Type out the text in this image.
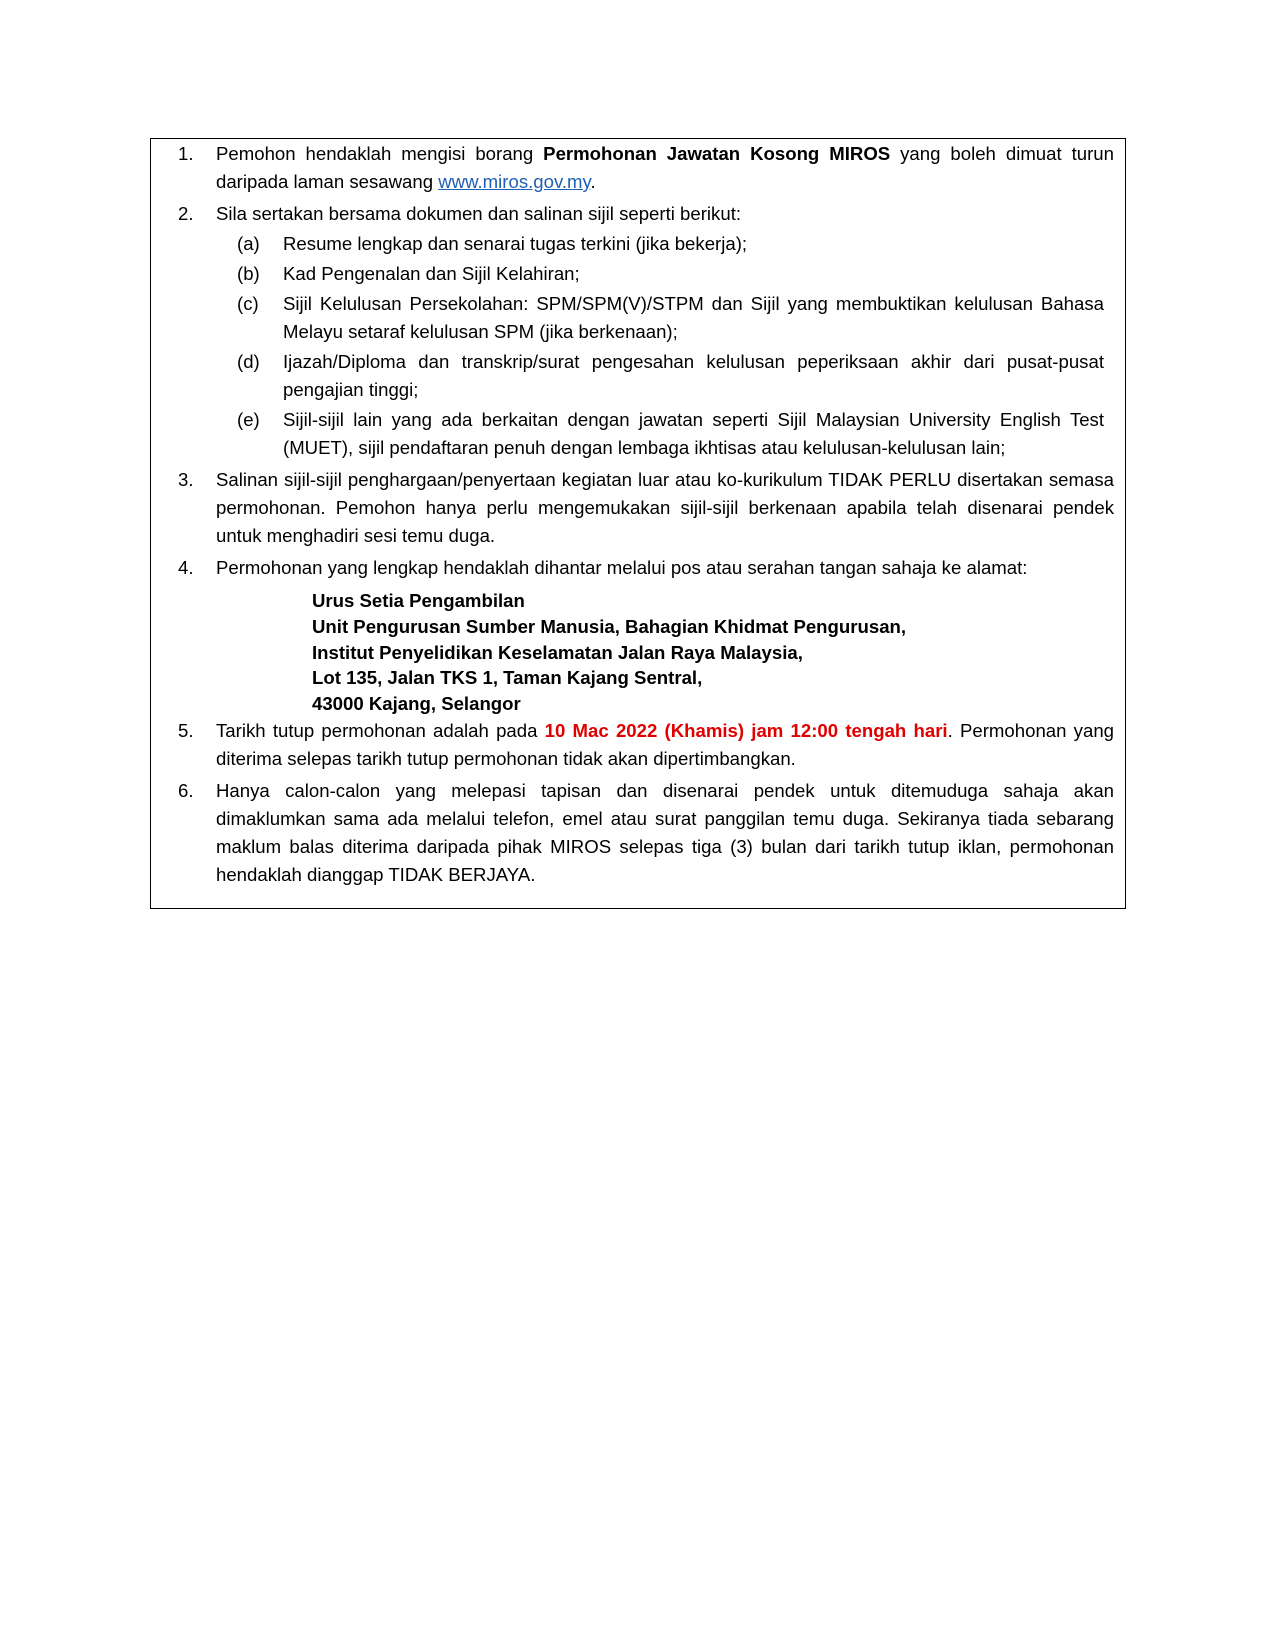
1. Pemohon hendaklah mengisi borang Permohonan Jawatan Kosong MIROS yang boleh dimuat turun daripada laman sesawang www.miros.gov.my.
2. Sila sertakan bersama dokumen dan salinan sijil seperti berikut:
(a) Resume lengkap dan senarai tugas terkini (jika bekerja);
(b) Kad Pengenalan dan Sijil Kelahiran;
(c) Sijil Kelulusan Persekolahan: SPM/SPM(V)/STPM dan Sijil yang membuktikan kelulusan Bahasa Melayu setaraf kelulusan SPM (jika berkenaan);
(d) Ijazah/Diploma dan transkrip/surat pengesahan kelulusan peperiksaan akhir dari pusat-pusat pengajian tinggi;
(e) Sijil-sijil lain yang ada berkaitan dengan jawatan seperti Sijil Malaysian University English Test (MUET), sijil pendaftaran penuh dengan lembaga ikhtisas atau kelulusan-kelulusan lain;
3. Salinan sijil-sijil penghargaan/penyertaan kegiatan luar atau ko-kurikulum TIDAK PERLU disertakan semasa permohonan. Pemohon hanya perlu mengemukakan sijil-sijil berkenaan apabila telah disenarai pendek untuk menghadiri sesi temu duga.
4. Permohonan yang lengkap hendaklah dihantar melalui pos atau serahan tangan sahaja ke alamat:
Urus Setia Pengambilan
Unit Pengurusan Sumber Manusia, Bahagian Khidmat Pengurusan,
Institut Penyelidikan Keselamatan Jalan Raya Malaysia,
Lot 135, Jalan TKS 1, Taman Kajang Sentral,
43000 Kajang, Selangor
5. Tarikh tutup permohonan adalah pada 10 Mac 2022 (Khamis) jam 12:00 tengah hari. Permohonan yang diterima selepas tarikh tutup permohonan tidak akan dipertimbangkan.
6. Hanya calon-calon yang melepasi tapisan dan disenarai pendek untuk ditemuduga sahaja akan dimaklumkan sama ada melalui telefon, emel atau surat panggilan temu duga. Sekiranya tiada sebarang maklum balas diterima daripada pihak MIROS selepas tiga (3) bulan dari tarikh tutup iklan, permohonan hendaklah dianggap TIDAK BERJAYA.
